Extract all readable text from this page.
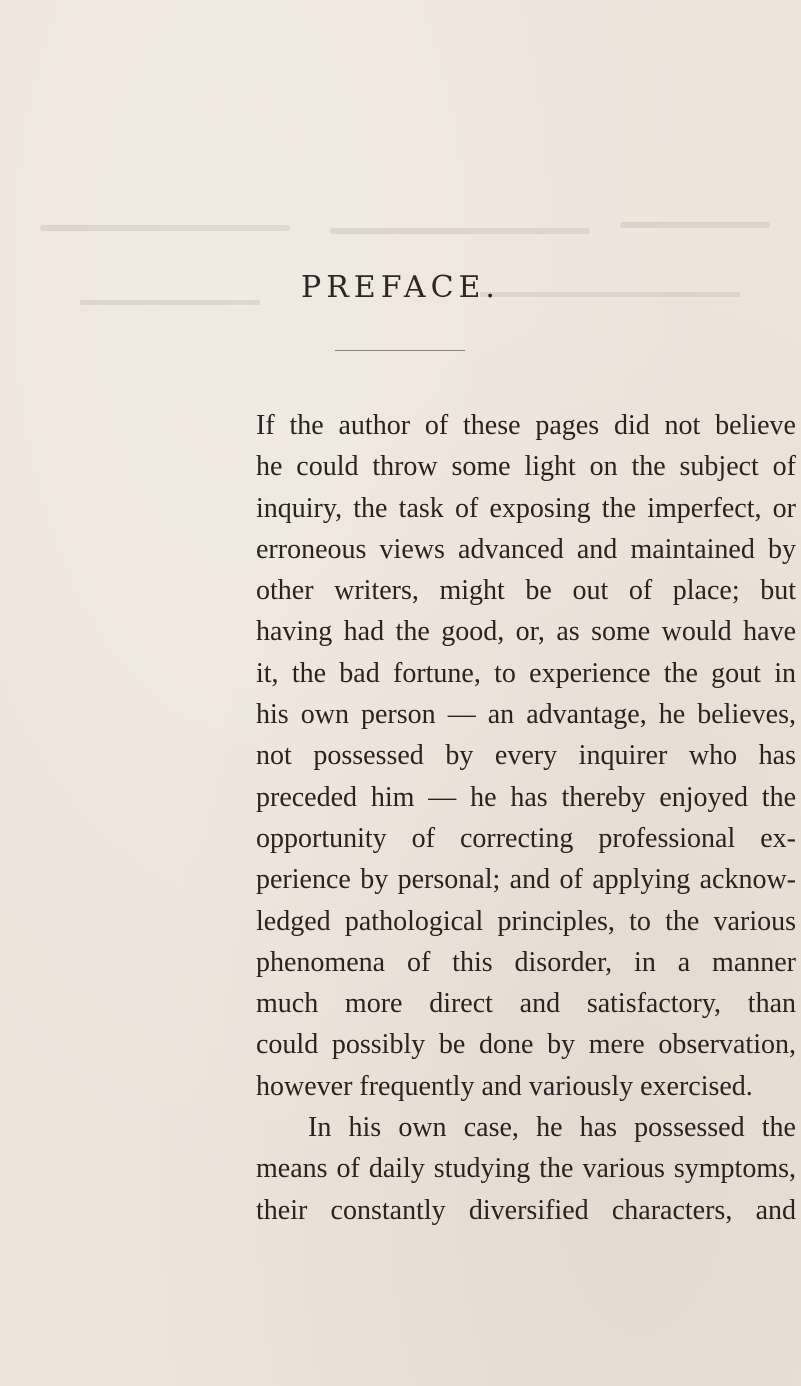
PREFACE.
If the author of these pages did not believe
he could throw some light on the subject of
inquiry, the task of exposing the imperfect, or
erroneous views advanced and maintained by
other writers, might be out of place; but
having had the good, or, as some would have
it, the bad fortune, to experience the gout in
his own person — an advantage, he believes,
not possessed by every inquirer who has
preceded him — he has thereby enjoyed the
opportunity of correcting professional ex-
perience by personal; and of applying acknow-
ledged pathological principles, to the various
phenomena of this disorder, in a manner
much more direct and satisfactory, than
could possibly be done by mere observation,
however frequently and variously exercised.
In his own case, he has possessed the
means of daily studying the various symptoms,
their constantly diversified characters, and
